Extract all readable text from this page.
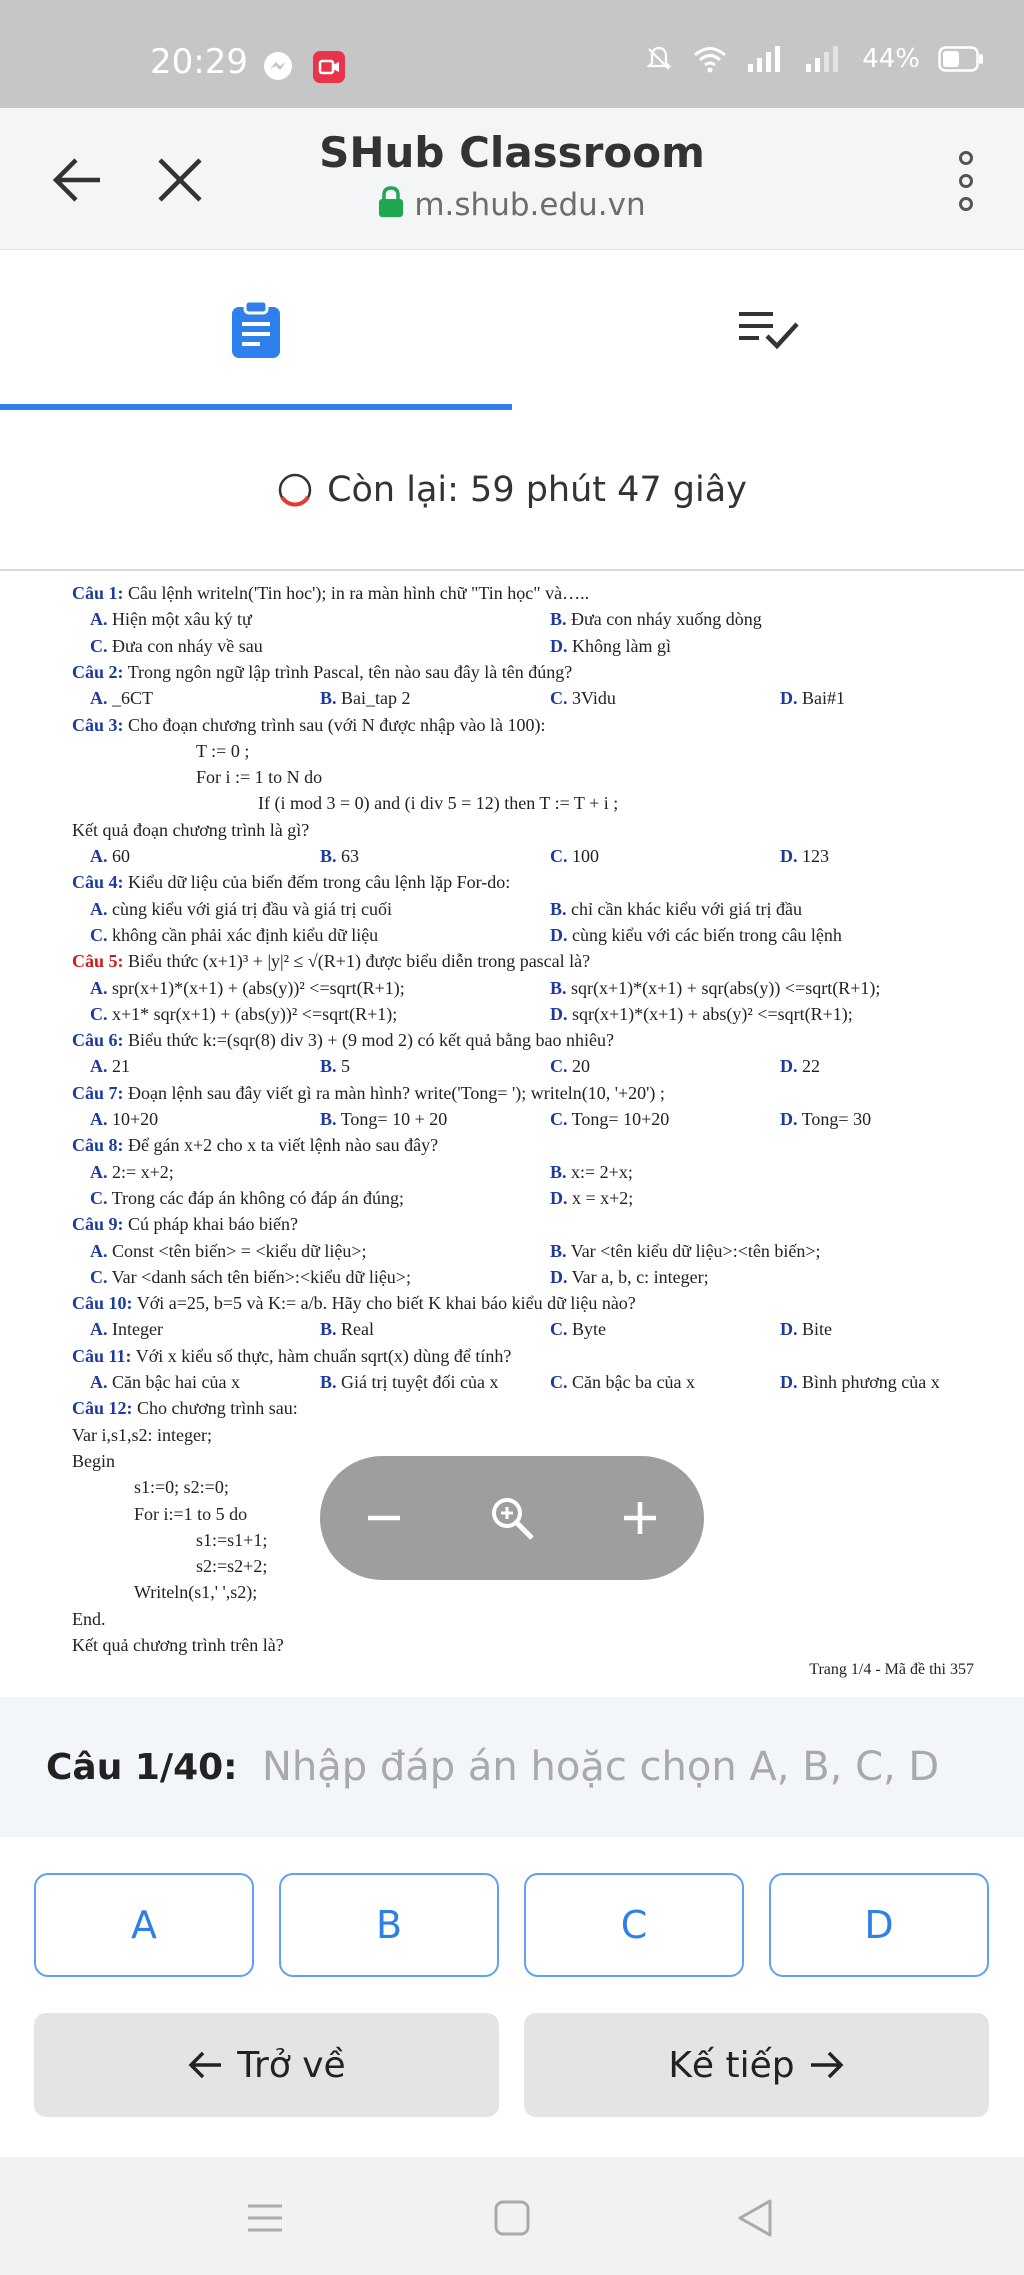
20:29	44%
SHub Classroom
m.shub.edu.vn
Còn lại: 59 phút 47 giây
Câu 1: Câu lệnh writeln('Tin hoc'); in ra màn hình chữ "Tin học" và…..
A. Hiện một xâu ký tự	B. Đưa con nháy xuống dòng
C. Đưa con nháy về sau	D. Không làm gì
Câu 2: Trong ngôn ngữ lập trình Pascal, tên nào sau đây là tên đúng?
A. _6CT	B. Bai_tap 2	C. 3Vidu	D. Bai#1
Câu 3: Cho đoạn chương trình sau (với N được nhập vào là 100):
T := 0 ;
For i := 1 to N do
If (i mod 3 = 0) and (i div 5 = 12) then T := T + i ;
Kết quả đoạn chương trình là gì?
A. 60	B. 63	C. 100	D. 123
Câu 4: Kiểu dữ liệu của biến đếm trong câu lệnh lặp For-do:
A. cùng kiểu với giá trị đầu và giá trị cuối	B. chỉ cần khác kiểu với giá trị đầu
C. không cần phải xác định kiểu dữ liệu	D. cùng kiểu với các biến trong câu lệnh
Câu 5: Biểu thức (x+1)³ + |y|² ≤ √(R+1) được biểu diễn trong pascal là?
A. spr(x+1)*(x+1) + (abs(y))² <=sqrt(R+1);	B. sqr(x+1)*(x+1) + sqr(abs(y)) <=sqrt(R+1);
C. x+1* sqr(x+1) + (abs(y))² <=sqrt(R+1);	D. sqr(x+1)*(x+1) + abs(y)² <=sqrt(R+1);
Câu 6: Biểu thức k:=(sqr(8) div 3) + (9 mod 2) có kết quả bằng bao nhiêu?
A. 21	B. 5	C. 20	D. 22
Câu 7: Đoạn lệnh sau đây viết gì ra màn hình? write('Tong= '); writeln(10, '+20') ;
A. 10+20	B. Tong= 10 + 20	C. Tong= 10+20	D. Tong= 30
Câu 8: Để gán x+2 cho x ta viết lệnh nào sau đây?
A. 2:= x+2;	B. x:= 2+x;
C. Trong các đáp án không có đáp án đúng;	D. x = x+2;
Câu 9: Cú pháp khai báo biến?
A. Const <tên biến> = <kiểu dữ liệu>;	B. Var <tên kiểu dữ liệu>:<tên biến>;
C. Var <danh sách tên biến>:<kiểu dữ liệu>;	D. Var a, b, c: integer;
Câu 10: Với a=25, b=5 và K:= a/b. Hãy cho biết K khai báo kiểu dữ liệu nào?
A. Integer	B. Real	C. Byte	D. Bite
Câu 11: Với x kiểu số thực, hàm chuẩn sqrt(x) dùng để tính?
A. Căn bậc hai của x	B. Giá trị tuyệt đối của x	C. Căn bậc ba của x	D. Bình phương của x
Câu 12: Cho chương trình sau:
Var i,s1,s2: integer;
Begin
s1:=0; s2:=0;
For i:=1 to 5 do
s1:=s1+1;
s2:=s2+2;
Writeln(s1,' ',s2);
End.
Kết quả chương trình trên là?
Trang 1/4 - Mã đề thi 357
Câu 1/40:
Nhập đáp án hoặc chọn A, B, C, D
A	B	C	D
Trở về	Kế tiếp
